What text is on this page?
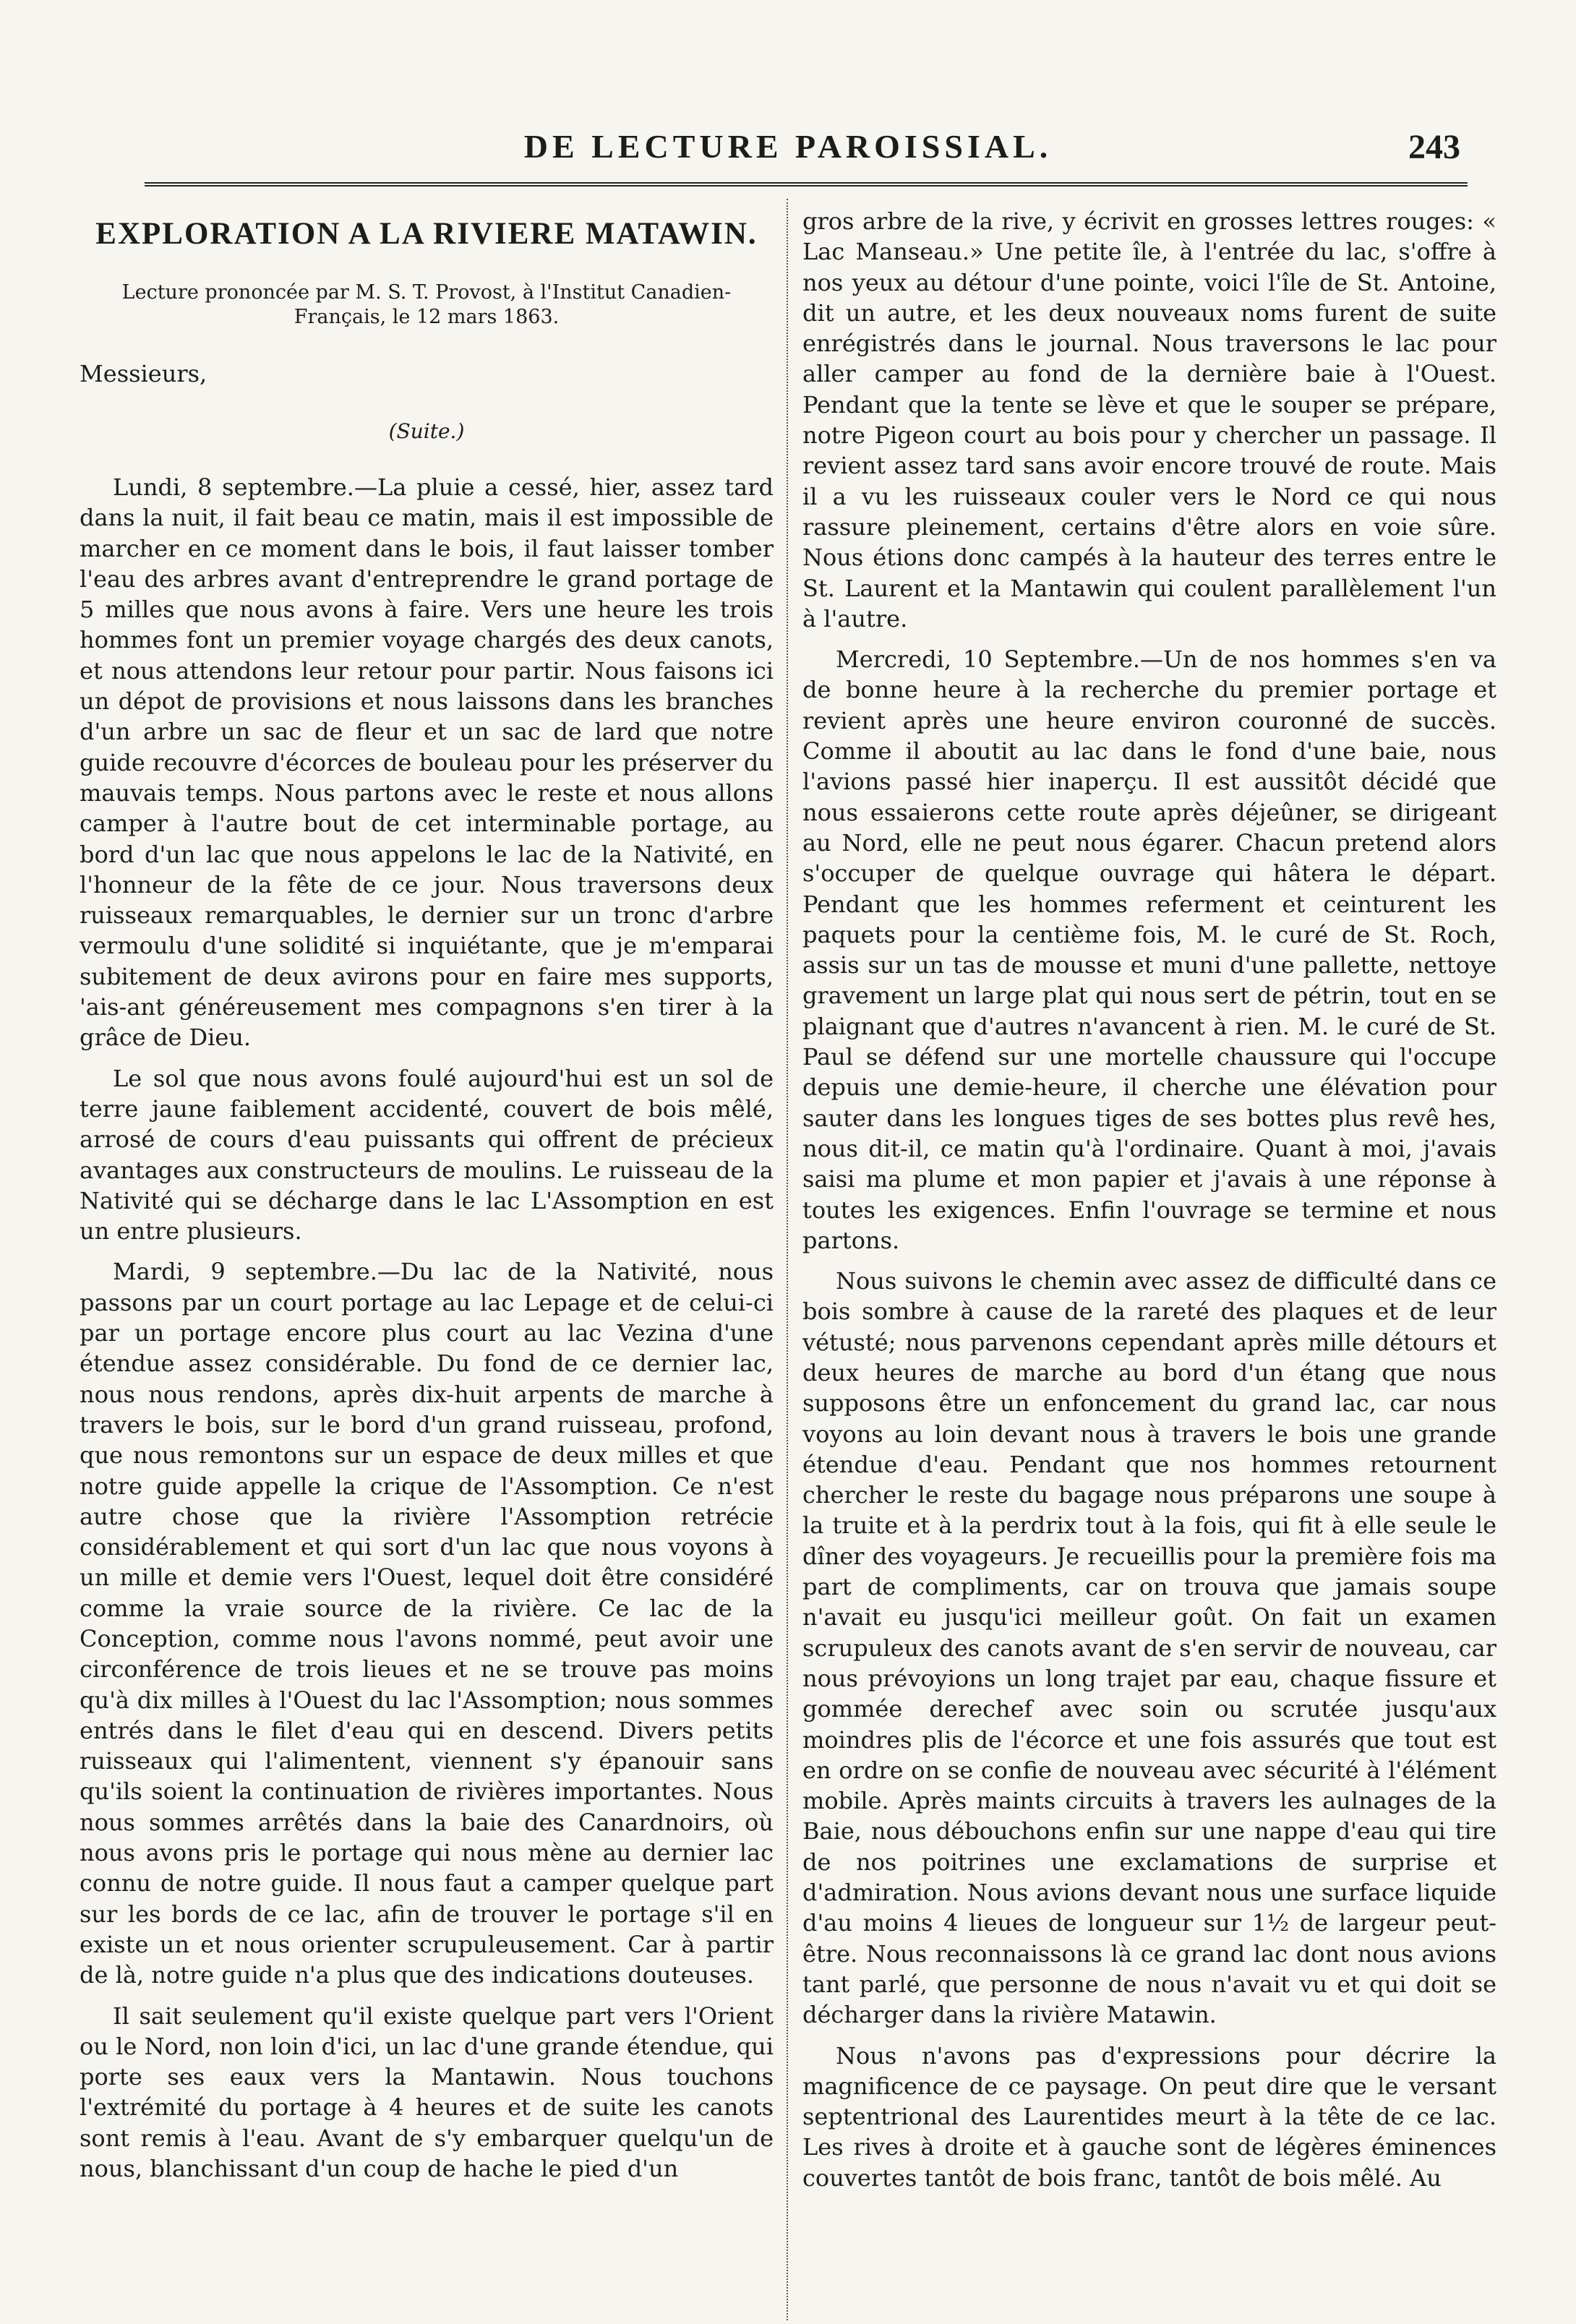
DE LECTURE PAROISSIAL.	243
EXPLORATION A LA RIVIERE MATAWIN.
Lecture prononcée par M. S. T. Provost, à l'Institut Canadien-Français, le 12 mars 1863.
Messieurs,
(Suite.)

Lundi, 8 septembre.—La pluie a cessé, hier, assez tard dans la nuit, il fait beau ce matin, mais il est impossible de marcher en ce moment dans le bois, il faut laisser tomber l'eau des arbres avant d'entreprendre le grand portage de 5 milles que nous avons à faire. Vers une heure les trois hommes font un premier voyage chargés des deux canots, et nous attendons leur retour pour partir. Nous faisons ici un dépot de provisions et nous laissons dans les branches d'un arbre un sac de fleur et un sac de lard que notre guide recouvre d'écorces de bouleau pour les préserver du mauvais temps. Nous partons avec le reste et nous allons camper à l'autre bout de cet interminable portage, au bord d'un lac que nous appelons le lac de la Nativité, en l'honneur de la fête de ce jour. Nous traversons deux ruisseaux remarquables, le dernier sur un tronc d'arbre vermoulu d'une solidité si inquiétante, que je m'emparai subitement de deux avirons pour en faire mes supports, 'ais-ant généreusement mes compagnons s'en tirer à la grâce de Dieu.

Le sol que nous avons foulé aujourd'hui est un sol de terre jaune faiblement accidenté, couvert de bois mêlé, arrosé de cours d'eau puissants qui offrent de précieux avantages aux constructeurs de moulins. Le ruisseau de la Nativité qui se décharge dans le lac L'Assomption en est un entre plusieurs.

Mardi, 9 septembre.—Du lac de la Nativité, nous passons par un court portage au lac Lepage et de celui-ci par un portage encore plus court au lac Vezina d'une étendue assez considérable. Du fond de ce dernier lac, nous nous rendons, après dix-huit arpents de marche à travers le bois, sur le bord d'un grand ruisseau, profond, que nous remontons sur un espace de deux milles et que notre guide appelle la crique de l'Assomption. Ce n'est autre chose que la rivière l'Assomption retrécie considérablement et qui sort d'un lac que nous voyons à un mille et demie vers l'Ouest, lequel doit être considéré comme la vraie source de la rivière. Ce lac de la Conception, comme nous l'avons nommé, peut avoir une circonférence de trois lieues et ne se trouve pas moins qu'à dix milles à l'Ouest du lac l'Assomption; nous sommes entrés dans le filet d'eau qui en descend. Divers petits ruisseaux qui l'alimentent, viennent s'y épanouir sans qu'ils soient la continuation de rivières importantes. Nous nous sommes arrêtés dans la baie des Canardnoirs, où nous avons pris le portage qui nous mène au dernier lac connu de notre guide. Il nous faut a camper quelque part sur les bords de ce lac, afin de trouver le portage s'il en existe un et nous orienter scrupuleusement. Car à partir de là, notre guide n'a plus que des indications douteuses.

Il sait seulement qu'il existe quelque part vers l'Orient ou le Nord, non loin d'ici, un lac d'une grande étendue, qui porte ses eaux vers la Mantawin. Nous touchons l'extrémité du portage à 4 heures et de suite les canots sont remis à l'eau. Avant de s'y embarquer quelqu'un de nous, blanchissant d'un coup de hache le pied d'un

gros arbre de la rive, y écrivit en grosses lettres rouges: « Lac Manseau.» Une petite île, à l'entrée du lac, s'offre à nos yeux au détour d'une pointe, voici l'île de St. Antoine, dit un autre, et les deux nouveaux noms furent de suite enrégistrés dans le journal. Nous traversons le lac pour aller camper au fond de la dernière baie à l'Ouest. Pendant que la tente se lève et que le souper se prépare, notre Pigeon court au bois pour y chercher un passage. Il revient assez tard sans avoir encore trouvé de route. Mais il a vu les ruisseaux couler vers le Nord ce qui nous rassure pleinement, certains d'être alors en voie sûre. Nous étions donc campés à la hauteur des terres entre le St. Laurent et la Mantawin qui coulent parallèlement l'un à l'autre.

Mercredi, 10 Septembre.—Un de nos hommes s'en va de bonne heure à la recherche du premier portage et revient après une heure environ couronné de succès. Comme il aboutit au lac dans le fond d'une baie, nous l'avions passé hier inaperçu. Il est aussitôt décidé que nous essaierons cette route après déjeûner, se dirigeant au Nord, elle ne peut nous égarer. Chacun pretend alors s'occuper de quelque ouvrage qui hâtera le départ. Pendant que les hommes referment et ceinturent les paquets pour la centième fois, M. le curé de St. Roch, assis sur un tas de mousse et muni d'une pallette, nettoye gravement un large plat qui nous sert de pétrin, tout en se plaignant que d'autres n'avancent à rien. M. le curé de St. Paul se défend sur une mortelle chaussure qui l'occupe depuis une demie-heure, il cherche une élévation pour sauter dans les longues tiges de ses bottes plus revê hes, nous dit-il, ce matin qu'à l'ordinaire. Quant à moi, j'avais saisi ma plume et mon papier et j'avais à une réponse à toutes les exigences. Enfin l'ouvrage se termine et nous partons.

Nous suivons le chemin avec assez de difficulté dans ce bois sombre à cause de la rareté des plaques et de leur vétusté; nous parvenons cependant après mille détours et deux heures de marche au bord d'un étang que nous supposons être un enfoncement du grand lac, car nous voyons au loin devant nous à travers le bois une grande étendue d'eau. Pendant que nos hommes retournent chercher le reste du bagage nous préparons une soupe à la truite et à la perdrix tout à la fois, qui fit à elle seule le dîner des voyageurs. Je recueillis pour la première fois ma part de compliments, car on trouva que jamais soupe n'avait eu jusqu'ici meilleur goût. On fait un examen scrupuleux des canots avant de s'en servir de nouveau, car nous prévoyions un long trajet par eau, chaque fissure et gommée derechef avec soin ou scrutée jusqu'aux moindres plis de l'écorce et une fois assurés que tout est en ordre on se confie de nouveau avec sécurité à l'élément mobile. Après maints circuits à travers les aulnages de la Baie, nous débouchons enfin sur une nappe d'eau qui tire de nos poitrines une exclamations de surprise et d'admiration. Nous avions devant nous une surface liquide d'au moins 4 lieues de longueur sur 1½ de largeur peut-être. Nous reconnaissons là ce grand lac dont nous avions tant parlé, que personne de nous n'avait vu et qui doit se décharger dans la rivière Matawin.

Nous n'avons pas d'expressions pour décrire la magnificence de ce paysage. On peut dire que le versant septentrional des Laurentides meurt à la tête de ce lac. Les rives à droite et à gauche sont de légères éminences couvertes tantôt de bois franc, tantôt de bois mêlé. Au
